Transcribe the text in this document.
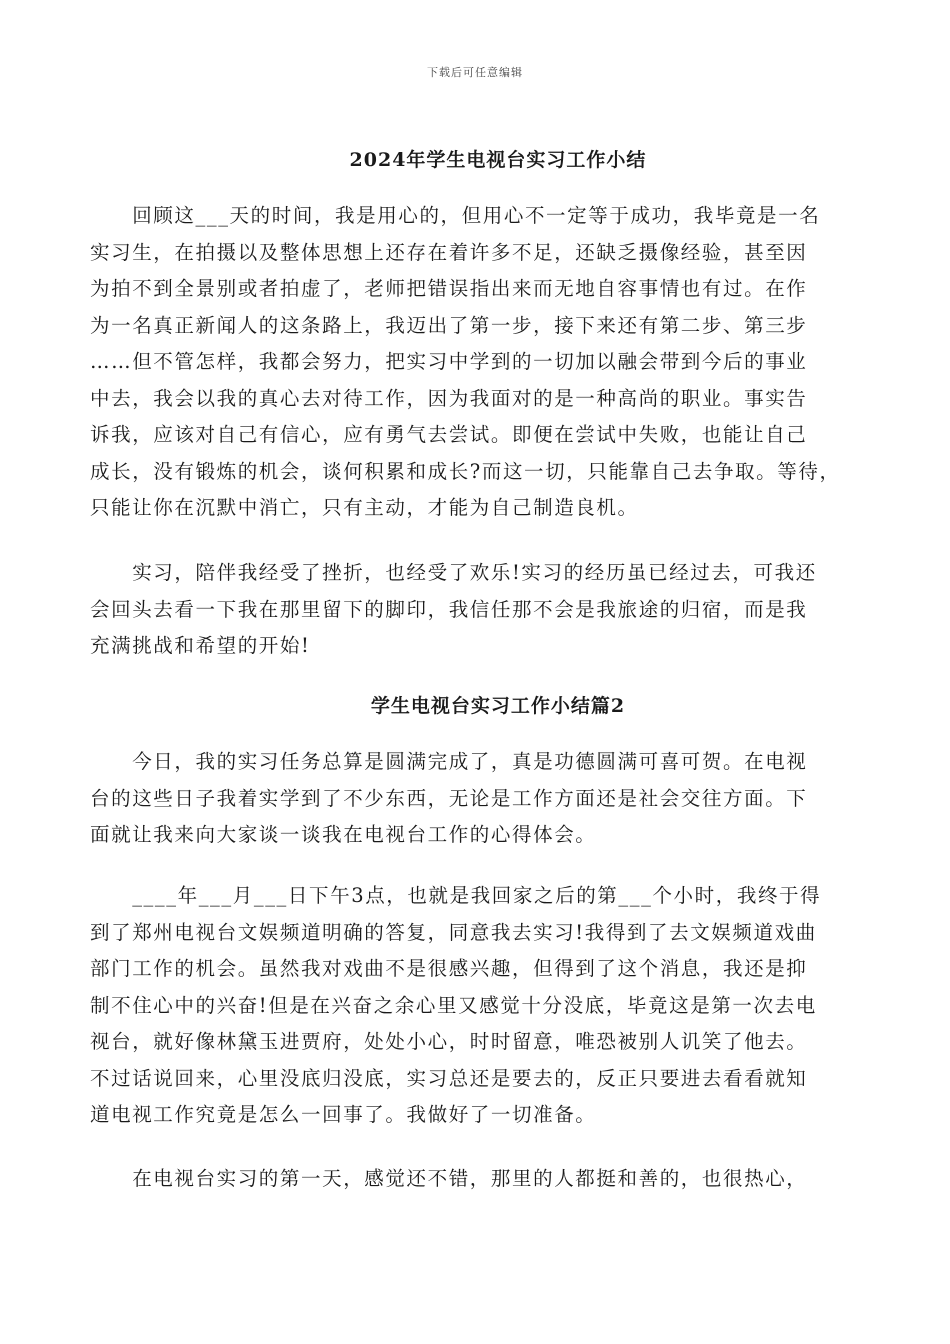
下载后可任意编辑
2024年学生电视台实习工作小结
　　回顾这___天的时间，我是用心的，但用心不一定等于成功，我毕竟是一名
实习生，在拍摄以及整体思想上还存在着许多不足，还缺乏摄像经验，甚至因
为拍不到全景别或者拍虚了，老师把错误指出来而无地自容事情也有过。在作
为一名真正新闻人的这条路上，我迈出了第一步，接下来还有第二步、第三步
……但不管怎样，我都会努力，把实习中学到的一切加以融会带到今后的事业
中去，我会以我的真心去对待工作，因为我面对的是一种高尚的职业。事实告
诉我，应该对自己有信心，应有勇气去尝试。即便在尝试中失败，也能让自己
成长，没有锻炼的机会，谈何积累和成长?而这一切，只能靠自己去争取。等待，
只能让你在沉默中消亡，只有主动，才能为自己制造良机。
　　实习，陪伴我经受了挫折，也经受了欢乐!实习的经历虽已经过去，可我还
会回头去看一下我在那里留下的脚印，我信任那不会是我旅途的归宿，而是我
充满挑战和希望的开始!
学生电视台实习工作小结篇2
　　今日，我的实习任务总算是圆满完成了，真是功德圆满可喜可贺。在电视
台的这些日子我着实学到了不少东西，无论是工作方面还是社会交往方面。下
面就让我来向大家谈一谈我在电视台工作的心得体会。
　　____年___月___日下午3点，也就是我回家之后的第___个小时，我终于得
到了郑州电视台文娱频道明确的答复，同意我去实习!我得到了去文娱频道戏曲
部门工作的机会。虽然我对戏曲不是很感兴趣，但得到了这个消息，我还是抑
制不住心中的兴奋!但是在兴奋之余心里又感觉十分没底，毕竟这是第一次去电
视台，就好像林黛玉进贾府，处处小心，时时留意，唯恐被别人讥笑了他去。
不过话说回来，心里没底归没底，实习总还是要去的，反正只要进去看看就知
道电视工作究竟是怎么一回事了。我做好了一切准备。
　　在电视台实习的第一天，感觉还不错，那里的人都挺和善的，也很热心，
